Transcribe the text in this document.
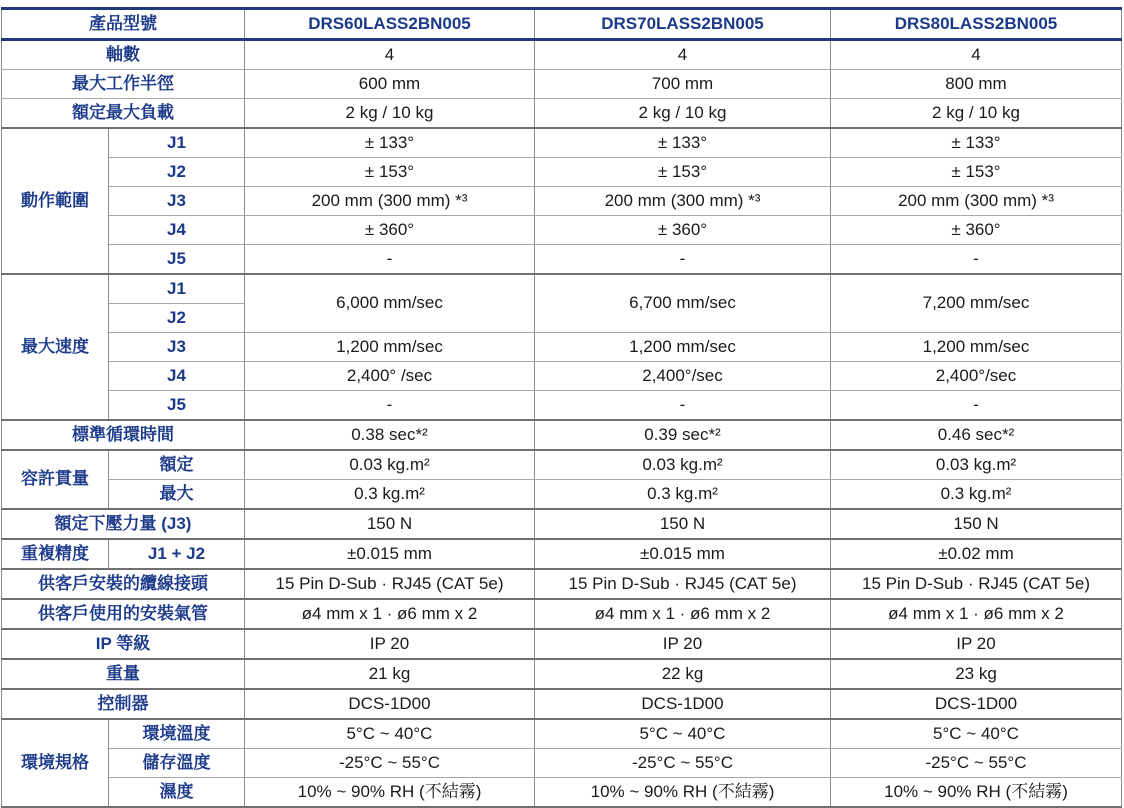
產品型號		DRS60LASS2BN005	DRS70LASS2BN005	DRS80LASS2BN005
軸數		4	4	4
最大工作半徑		600 mm	700 mm	800 mm
額定最大負載		2 kg / 10 kg	2 kg / 10 kg	2 kg / 10 kg
動作範圍	J1	± 133°	± 133°	± 133°
	J2	± 153°	± 153°	± 153°
	J3	200 mm (300 mm) *³	200 mm (300 mm) *³	200 mm (300 mm) *³
	J4	± 360°	± 360°	± 360°
	J5	-	-	-
最大速度	J1	6,000 mm/sec	6,700 mm/sec	7,200 mm/sec
	J2			
	J3	1,200 mm/sec	1,200 mm/sec	1,200 mm/sec
	J4	2,400° /sec	2,400°/sec	2,400°/sec
	J5	-	-	-
標準循環時間		0.38 sec*²	0.39 sec*²	0.46 sec*²
容許貫量	額定	0.03 kg.m²	0.03 kg.m²	0.03 kg.m²
	最大	0.3 kg.m²	0.3 kg.m²	0.3 kg.m²
額定下壓力量 (J3)		150 N	150 N	150 N
重複精度	J1 + J2	±0.015 mm	±0.015 mm	±0.02 mm
供客戶安裝的纜線接頭		15 Pin D-Sub · RJ45 (CAT 5e)	15 Pin D-Sub · RJ45 (CAT 5e)	15 Pin D-Sub · RJ45 (CAT 5e)
供客戶使用的安裝氣管		ø4 mm x 1 · ø6 mm x 2	ø4 mm x 1 · ø6 mm x 2	ø4 mm x 1 · ø6 mm x 2
IP 等級		IP 20	IP 20	IP 20
重量		21 kg	22 kg	23 kg
控制器		DCS-1D00	DCS-1D00	DCS-1D00
環境規格	環境溫度	5°C ~ 40°C	5°C ~ 40°C	5°C ~ 40°C
	儲存溫度	-25°C ~ 55°C	-25°C ~ 55°C	-25°C ~ 55°C
	濕度	10% ~ 90% RH (不結霧)	10% ~ 90% RH (不結霧)	10% ~ 90% RH (不結霧)
